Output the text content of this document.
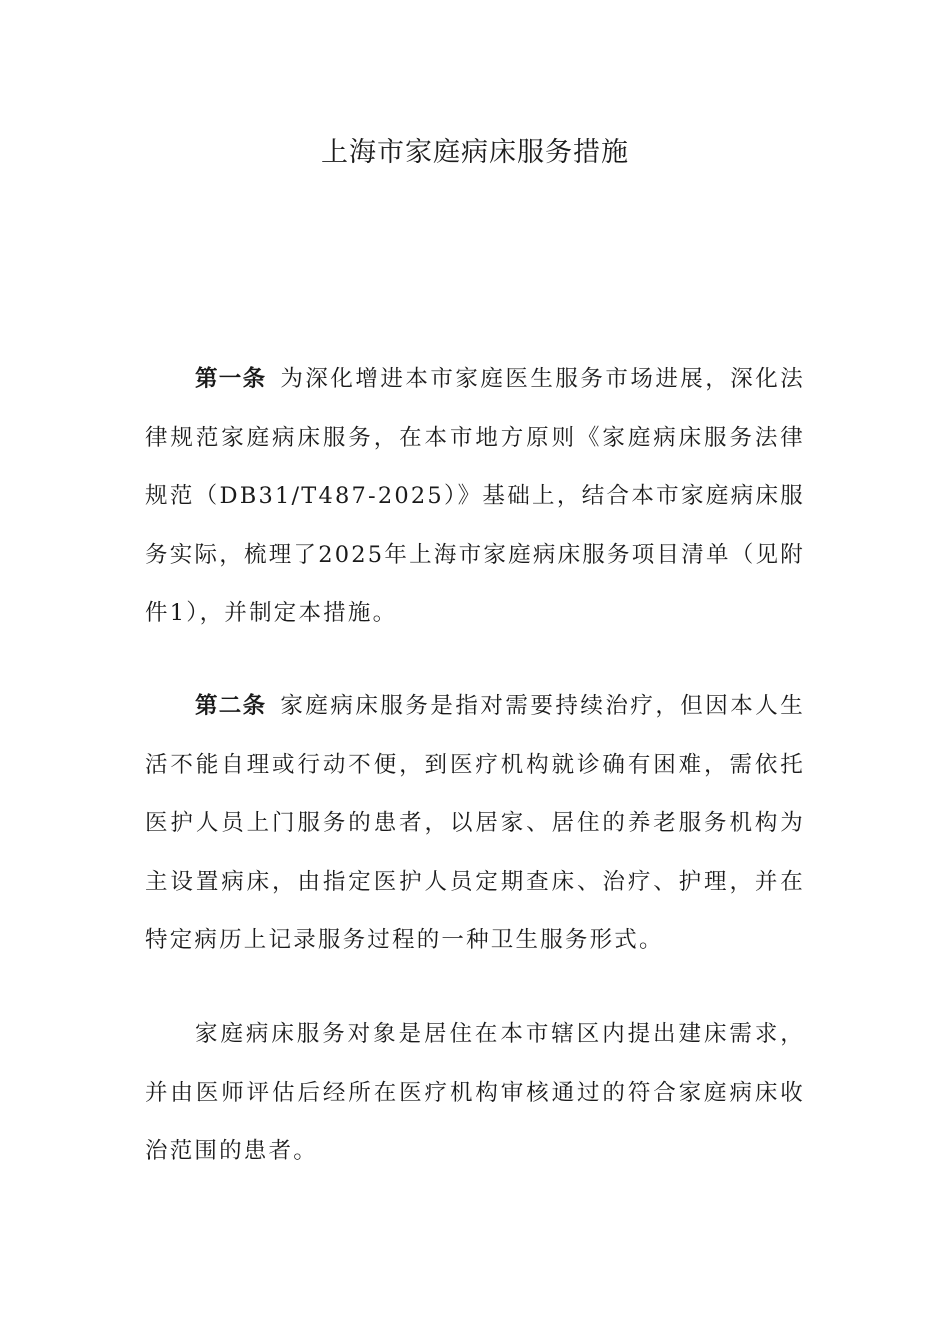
上海市家庭病床服务措施

第一条 为深化增进本市家庭医生服务市场进展，深化法律规范家庭病床服务，在本市地方原则《家庭病床服务法律规范（DB31/T487-2025）》基础上，结合本市家庭病床服务实际，梳理了2025年上海市家庭病床服务项目清单（见附件1），并制定本措施。

第二条 家庭病床服务是指对需要持续治疗，但因本人生活不能自理或行动不便，到医疗机构就诊确有困难，需依托医护人员上门服务的患者，以居家、居住的养老服务机构为主设置病床，由指定医护人员定期查床、治疗、护理，并在特定病历上记录服务过程的一种卫生服务形式。

家庭病床服务对象是居住在本市辖区内提出建床需求，并由医师评估后经所在医疗机构审核通过的符合家庭病床收治范围的患者。
